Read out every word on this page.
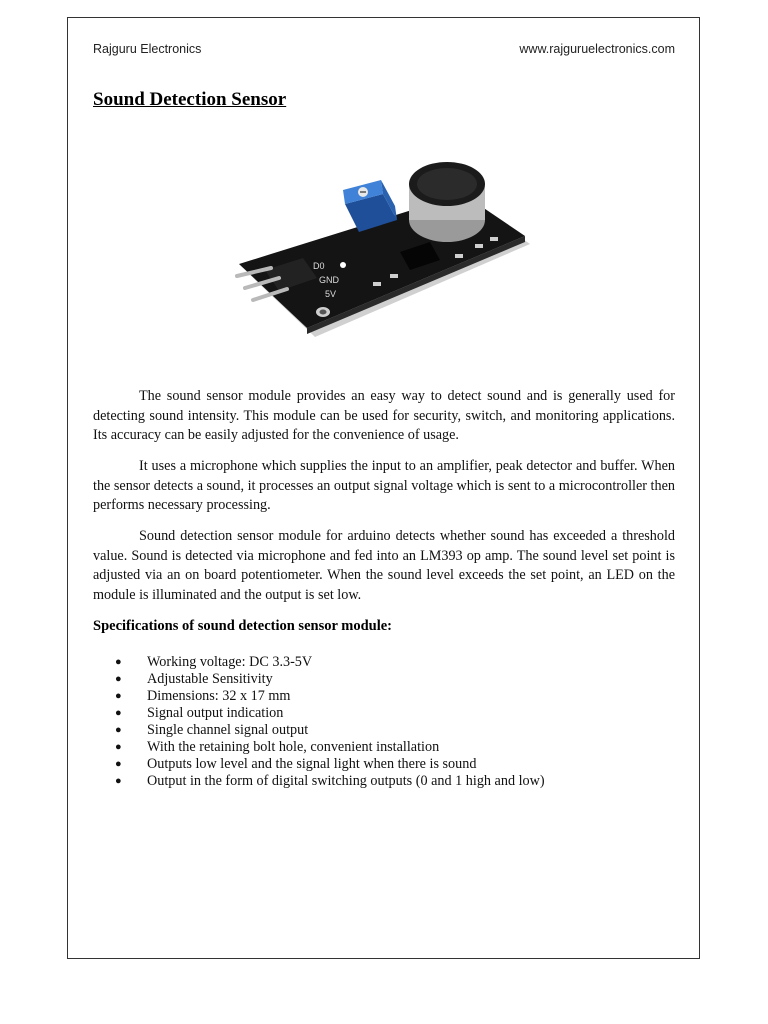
Rajguru Electronics	www.rajguruelectronics.com
Sound Detection Sensor
D0
GND
5V

The sound sensor module provides an easy way to detect sound and is generally used for detecting sound intensity. This module can be used for security, switch, and monitoring applications. Its accuracy can be easily adjusted for the convenience of usage.

It uses a microphone which supplies the input to an amplifier, peak detector and buffer. When the sensor detects a sound, it processes an output signal voltage which is sent to a microcontroller then performs necessary processing.

Sound detection sensor module for arduino detects whether sound has exceeded a threshold value. Sound is detected via microphone and fed into an LM393 op amp. The sound level set point is adjusted via an on board potentiometer. When the sound level exceeds the set point, an LED on the module is illuminated and the output is set low.

Specifications of sound detection sensor module:
● Working voltage: DC 3.3-5V
● Adjustable Sensitivity
● Dimensions: 32 x 17 mm
● Signal output indication
● Single channel signal output
● With the retaining bolt hole, convenient installation
● Outputs low level and the signal light when there is sound
● Output in the form of digital switching outputs (0 and 1 high and low)
